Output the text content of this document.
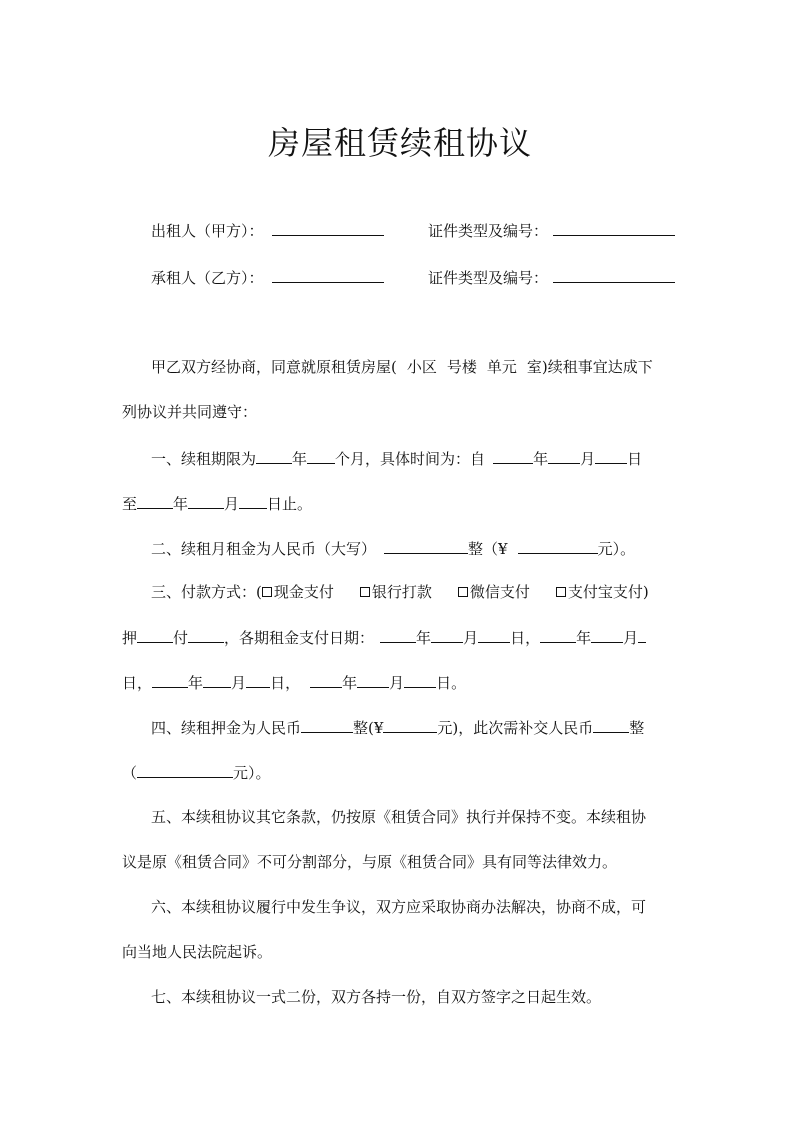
房屋租赁续租协议
出租人（甲方）：	证件类型及编号：
承租人（乙方）：	证件类型及编号：
甲乙双方经协商，同意就原租赁房屋( 小区 号楼 单元 室)续租事宜达成下
列协议并共同遵守：
一、续租期限为 年 个月，具体时间为：自	年 月 日
至 年 月 日止。
二、续租月租金为人民币（大写）	整（¥	元）。
三、付款方式：( 现金支付	银行打款	微信支付	支付宝支付)
押 付 ，各期租金支付日期：	年 月 日， 年 月
日， 年 月 日，	年 月 日。
四、续租押金为人民币	整(¥	元)，此次需补交人民币 整
（	元）。
五、本续租协议其它条款，仍按原《租赁合同》执行并保持不变。本续租协
议是原《租赁合同》不可分割部分，与原《租赁合同》具有同等法律效力。
六、本续租协议履行中发生争议，双方应采取协商办法解决，协商不成，可
向当地人民法院起诉。
七、本续租协议一式二份，双方各持一份，自双方签字之日起生效。
